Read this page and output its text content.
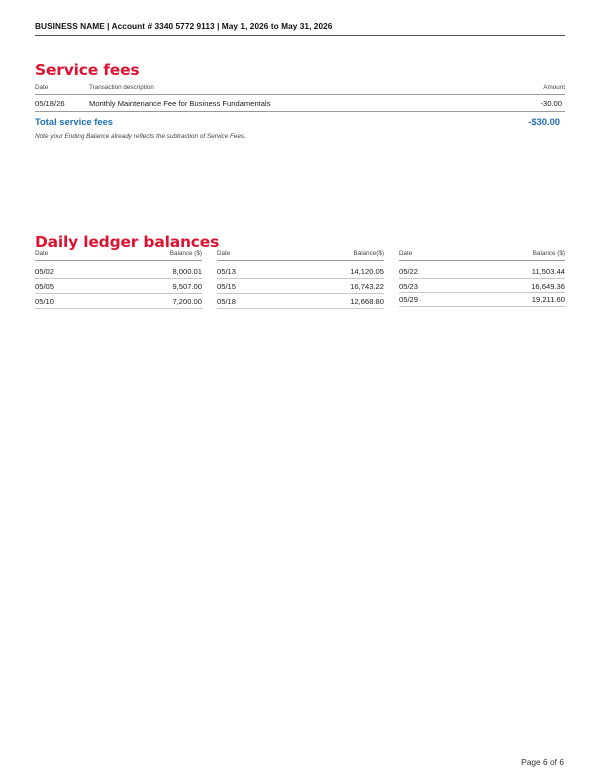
BUSINESS NAME | Account # 3340 5772 9113 | May 1, 2026 to May 31, 2026
Service fees
Date	Transaction description	Amount
05/18/26	Monthly Maintenance Fee for Business Fundamentals	-30.00
Total service fees	-$30.00
Note your Ending Balance already reflects the subtraction of Service Fees.
Daily ledger balances
Date	Balance ($)
05/02	8,000.01
05/05	9,507.00
05/10	7,200.00
Date	Balance($)
05/13	14,120.05
05/15	16,743.22
05/18	12,668.80
Date	Balance ($)
05/22	11,503.44
05/23	16,649.36
05/29	19,211.60
Page 6 of 6
